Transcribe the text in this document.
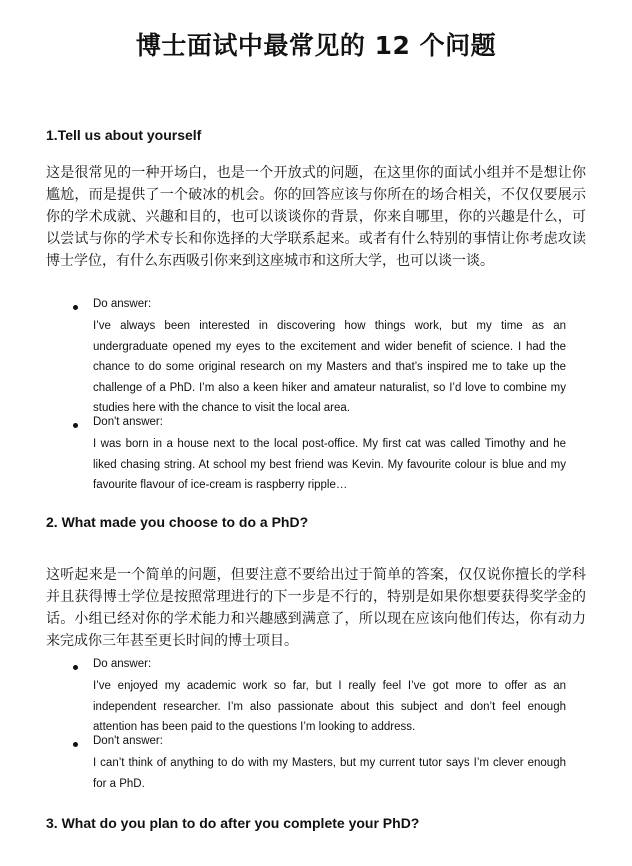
博士面试中最常见的 12 个问题
1.Tell us about yourself

这是很常见的一种开场白，也是一个开放式的问题，在这里你的面试小组并不是想让你尴尬，而是提供了一个破冰的机会。你的回答应该与你所在的场合相关，不仅仅要展示你的学术成就、兴趣和目的，也可以谈谈你的背景，你来自哪里，你的兴趣是什么，可以尝试与你的学术专长和你选择的大学联系起来。或者有什么特别的事情让你考虑攻读博士学位，有什么东西吸引你来到这座城市和这所大学，也可以谈一谈。

Do answer:
I’ve always been interested in discovering how things work, but my time as an undergraduate opened my eyes to the excitement and wider benefit of science. I had the chance to do some original research on my Masters and that’s inspired me to take up the challenge of a PhD. I’m also a keen hiker and amateur naturalist, so I’d love to combine my studies here with the chance to visit the local area.
Don't answer:
I was born in a house next to the local post-office. My first cat was called Timothy and he liked chasing string. At school my best friend was Kevin. My favourite colour is blue and my favourite flavour of ice-cream is raspberry ripple…
2. What made you choose to do a PhD?

这听起来是一个简单的问题，但要注意不要给出过于简单的答案，仅仅说你擅长的学科并且获得博士学位是按照常理进行的下一步是不行的，特别是如果你想要获得奖学金的话。小组已经对你的学术能力和兴趣感到满意了，所以现在应该向他们传达，你有动力来完成你三年甚至更长时间的博士项目。

Do answer:
I’ve enjoyed my academic work so far, but I really feel I’ve got more to offer as an independent researcher. I’m also passionate about this subject and don’t feel enough attention has been paid to the questions I’m looking to address.
Don't answer:
I can’t think of anything to do with my Masters, but my current tutor says I’m clever enough for a PhD.
3. What do you plan to do after you complete your PhD?
